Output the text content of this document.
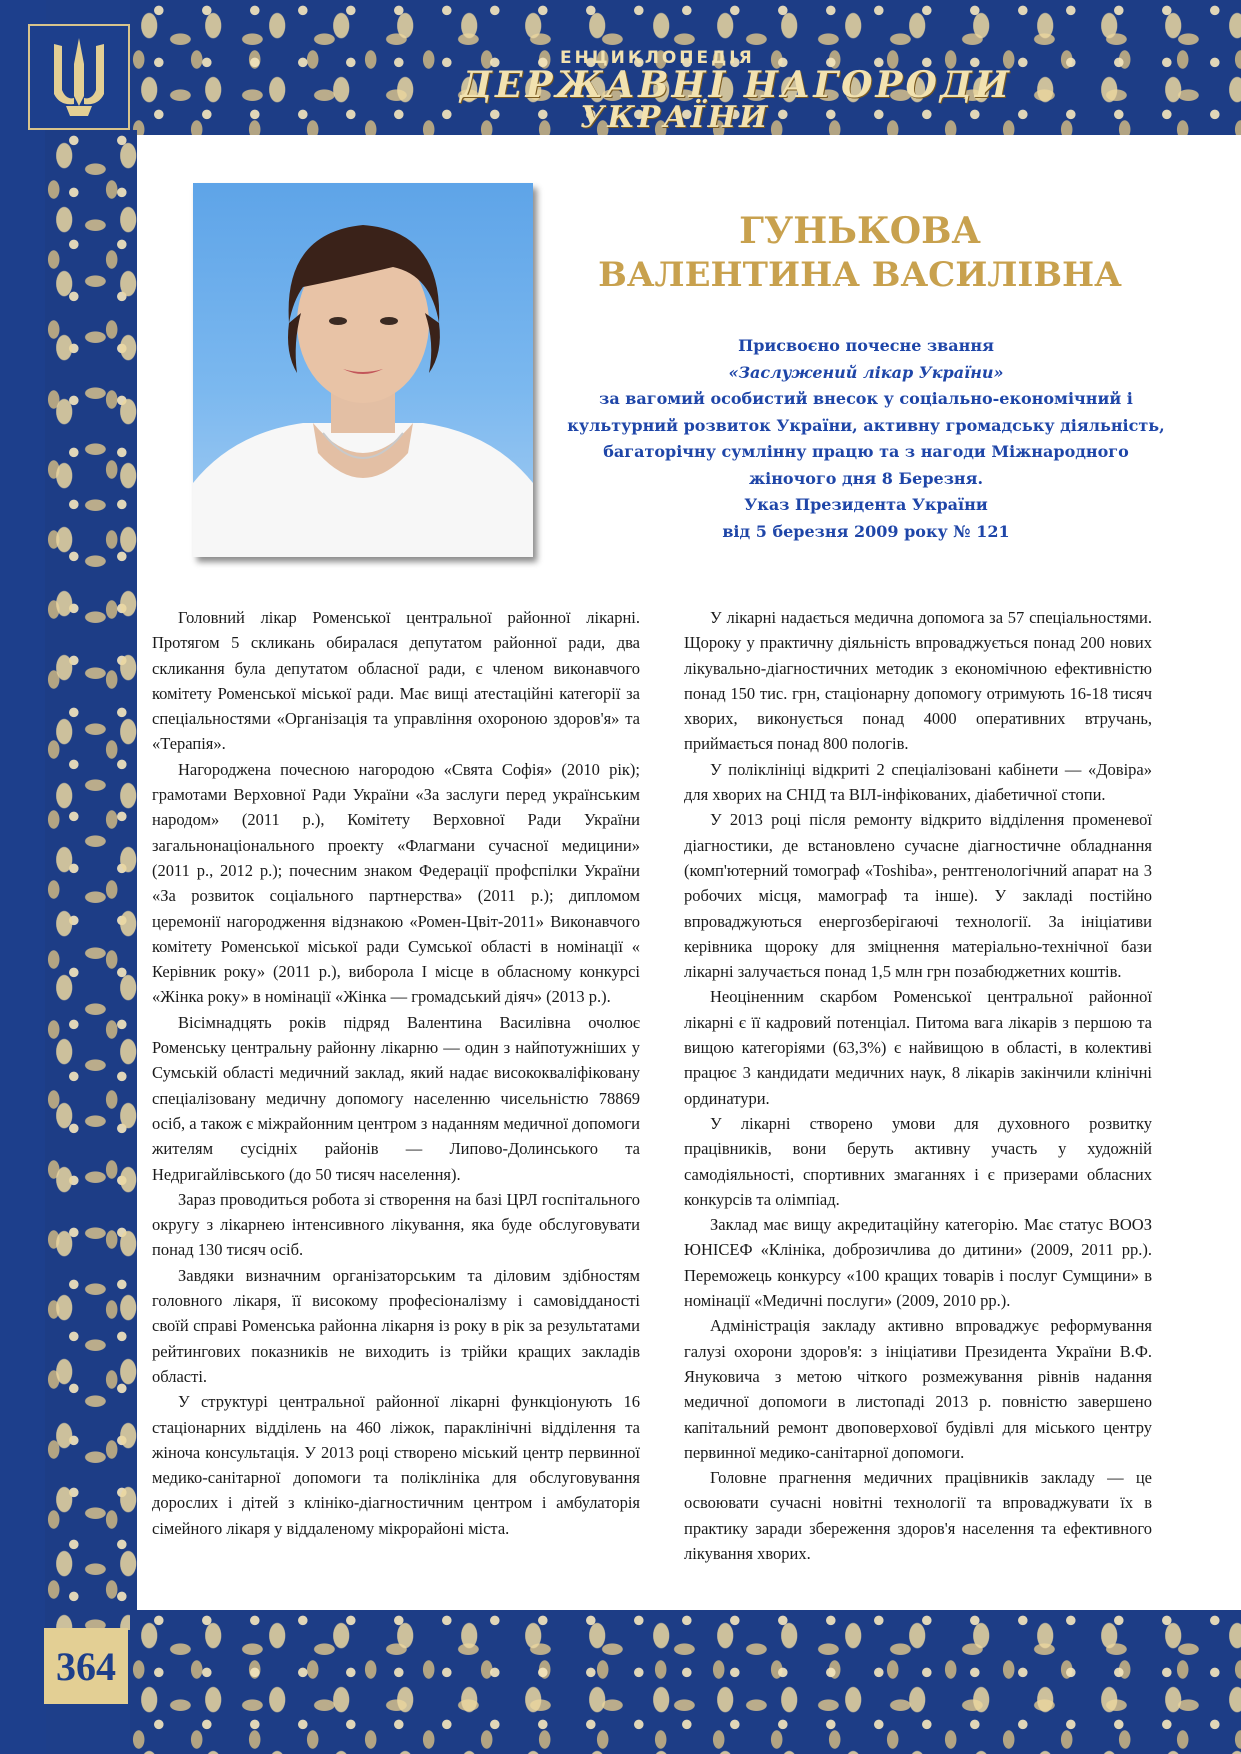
ЕНЦИКЛОПЕДІЯ
ДЕРЖАВНІ НАГОРОДИ
УКРАЇНИ
ГУНЬКОВА
ВАЛЕНТИНА ВАСИЛІВНА
Присвоєно почесне звання
«Заслужений лікар України»
за вагомий особистий внесок у соціально-економічний і
культурний розвиток України, активну громадську діяльність,
багаторічну сумлінну працю та з нагоди Міжнародного
жіночого дня 8 Березня.
Указ Президента України
від 5 березня 2009 року № 121

Головний лікар Роменської центральної районної лікарні. Протягом 5 скликань обиралася депутатом районної ради, два скликання була депутатом обласної ради, є членом виконавчого комітету Роменської міської ради. Має вищі атестаційні категорії за спеціальностями «Організація та управління охороною здоров'я» та «Терапія».

Нагороджена почесною нагородою «Свята Софія» (2010 рік); грамотами Верховної Ради України «За заслуги перед українським народом» (2011 р.), Комітету Верховної Ради України загальнонаціонального проекту «Флагмани сучасної медицини» (2011 р., 2012 р.); почесним знаком Федерації профспілки України «За розвиток соціального партнерства» (2011 р.); дипломом церемонії нагородження відзнакою «Ромен-Цвіт-2011» Виконавчого комітету Роменської міської ради Сумської області в номінації « Керівник року» (2011 р.), виборола І місце в обласному конкурсі «Жінка року» в номінації «Жінка — громадський діяч» (2013 р.).

Вісімнадцять років підряд Валентина Василівна очолює Роменську центральну районну лікарню — один з найпотужніших у Сумській області медичний заклад, який надає висококваліфіковану спеціалізовану медичну допомогу населенню чисельністю 78869 осіб, а також є міжрайонним центром з наданням медичної допомоги жителям сусідніх районів — Липово-Долинського та Недригайлівського (до 50 тисяч населення).

Зараз проводиться робота зі створення на базі ЦРЛ госпітального округу з лікарнею інтенсивного лікування, яка буде обслуговувати понад 130 тисяч осіб.

Завдяки визначним організаторським та діловим здібностям головного лікаря, її високому професіоналізму і самовідданості своїй справі Роменська районна лікарня із року в рік за результатами рейтингових показників не виходить із трійки кращих закладів області.

У структурі центральної районної лікарні функціонують 16 стаціонарних відділень на 460 ліжок, параклінічні відділення та жіноча консультація. У 2013 році створено міський центр первинної медико-санітарної допомоги та поліклініка для обслуговування дорослих і дітей з клініко-діагностичним центром і амбулаторія сімейного лікаря у віддаленому мікрорайоні міста.

У лікарні надається медична допомога за 57 спеціальностями. Щороку у практичну діяльність впроваджується понад 200 нових лікувально-діагностичних методик з економічною ефективністю понад 150 тис. грн, стаціонарну допомогу отримують 16-18 тисяч хворих, виконується понад 4000 оперативних втручань, приймається понад 800 пологів.

У поліклініці відкриті 2 спеціалізовані кабінети — «Довіра» для хворих на СНІД та ВІЛ-інфікованих, діабетичної стопи.

У 2013 році після ремонту відкрито відділення променевої діагностики, де встановлено сучасне діагностичне обладнання (комп'ютерний томограф «Toshiba», рентгенологічний апарат на 3 робочих місця, мамограф та інше). У закладі постійно впроваджуються енергозберігаючі технології. За ініціативи керівника щороку для зміцнення матеріально-технічної бази лікарні залучається понад 1,5 млн грн позабюджетних коштів.

Неоціненним скарбом Роменської центральної районної лікарні є її кадровий потенціал. Питома вага лікарів з першою та вищою категоріями (63,3%) є найвищою в області, в колективі працює 3 кандидати медичних наук, 8 лікарів закінчили клінічні ординатури.

У лікарні створено умови для духовного розвитку працівників, вони беруть активну участь у художній самодіяльності, спортивних змаганнях і є призерами обласних конкурсів та олімпіад.

Заклад має вищу акредитаційну категорію. Має статус ВООЗ ЮНІСЕФ «Клініка, доброзичлива до дитини» (2009, 2011 рр.). Переможець конкурсу «100 кращих товарів і послуг Сумщини» в номінації «Медичні послуги» (2009, 2010 рр.).

Адміністрація закладу активно впроваджує реформування галузі охорони здоров'я: з ініціативи Президента України В.Ф. Януковича з метою чіткого розмежування рівнів надання медичної допомоги в листопаді 2013 р. повністю завершено капітальний ремонт двоповерхової будівлі для міського центру первинної медико-санітарної допомоги.

Головне прагнення медичних працівників закладу — це освоювати сучасні новітні технології та впроваджувати їх в практику заради збереження здоров'я населення та ефективного лікування хворих.

364
